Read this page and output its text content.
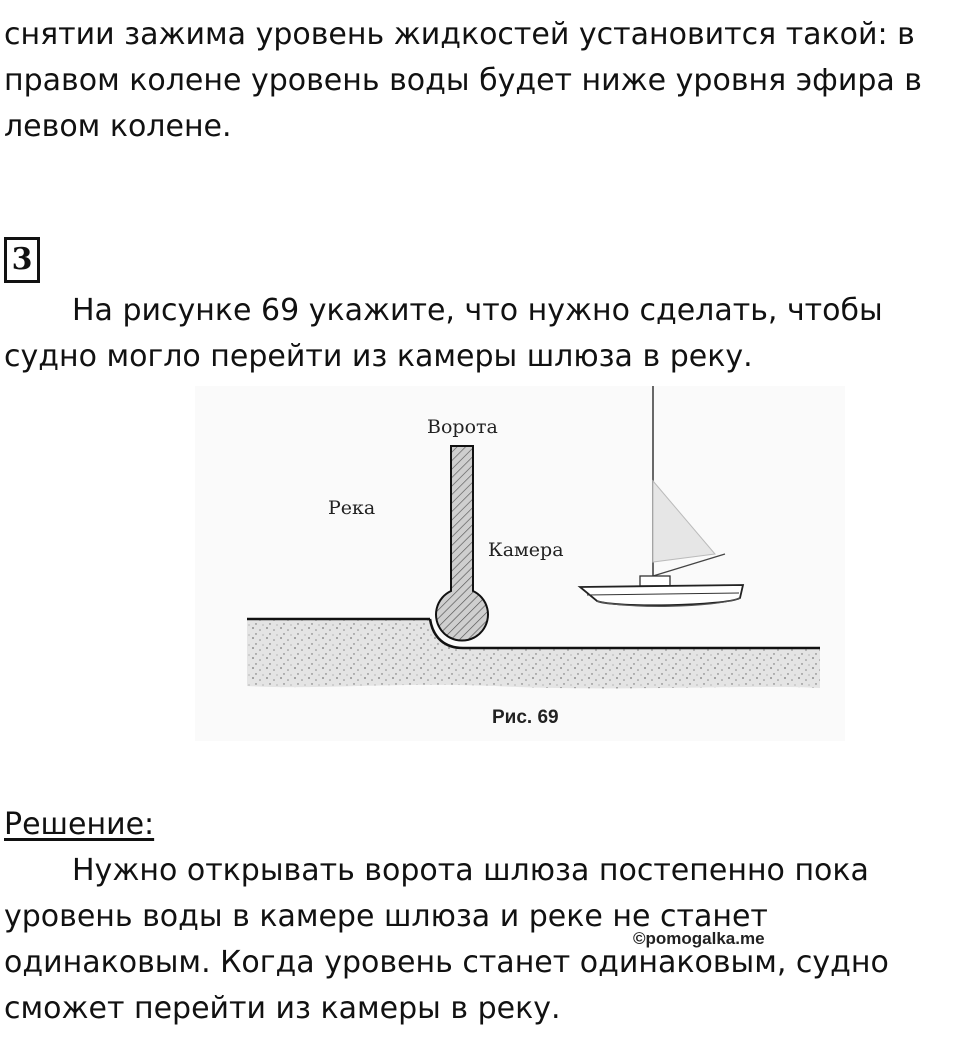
снятии зажима уровень жидкостей установится такой: в правом колене уровень воды будет ниже уровня эфира в левом колене.

3

На рисунке 69 укажите, что нужно сделать, чтобы судно могло перейти из камеры шлюза в реку.

Ворота
Река
Камера
Рис. 69

Решение:

Нужно открывать ворота шлюза постепенно пока уровень воды в камере шлюза и реке не станет одинаковым. Когда уровень станет одинаковым, судно сможет перейти из камеры в реку.

©pomogalka.me
